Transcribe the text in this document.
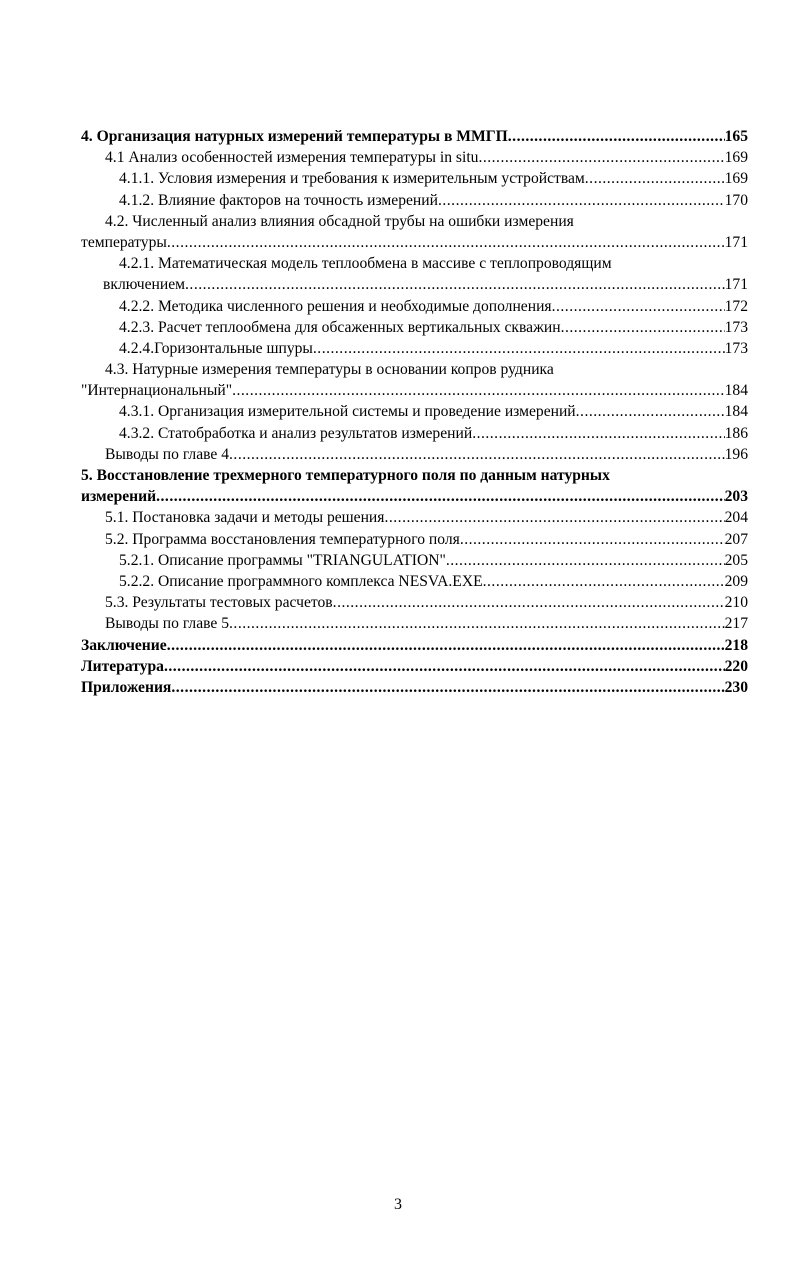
4. Организация натурных измерений температуры в ММГП .....	165
4.1 Анализ особенностей измерения температуры in situ .....	169
4.1.1. Условия измерения и требования к измерительным устройствам .....	169
4.1.2. Влияние факторов на точность измерений .....	170
4.2. Численный анализ влияния обсадной трубы на ошибки измерения
температуры .....	171
4.2.1. Математическая модель теплообмена в массиве с теплопроводящим
включением .....	171
4.2.2. Методика численного решения и необходимые дополнения .....	172
4.2.3. Расчет теплообмена для обсаженных вертикальных скважин .....	173
4.2.4.Горизонтальные шпуры .....	173
4.3. Натурные измерения температуры в основании копров рудника
"Интернациональный" .....	184
4.3.1. Организация измерительной системы и проведение измерений .....	184
4.3.2. Статобработка и анализ результатов измерений .....	186
Выводы по главе 4 .....	196
5. Восстановление трехмерного температурного поля по данным натурных
измерений .....	203
5.1. Постановка задачи и методы решения .....	204
5.2. Программа восстановления температурного поля .....	207
5.2.1. Описание программы "TRIANGULATION" .....	205
5.2.2. Описание программного комплекса NESVA.EXE .....	209
5.3. Результаты тестовых расчетов .....	210
Выводы по главе 5 .....	217
Заключение .....	218
Литература .....	220
Приложения .....	230
3
